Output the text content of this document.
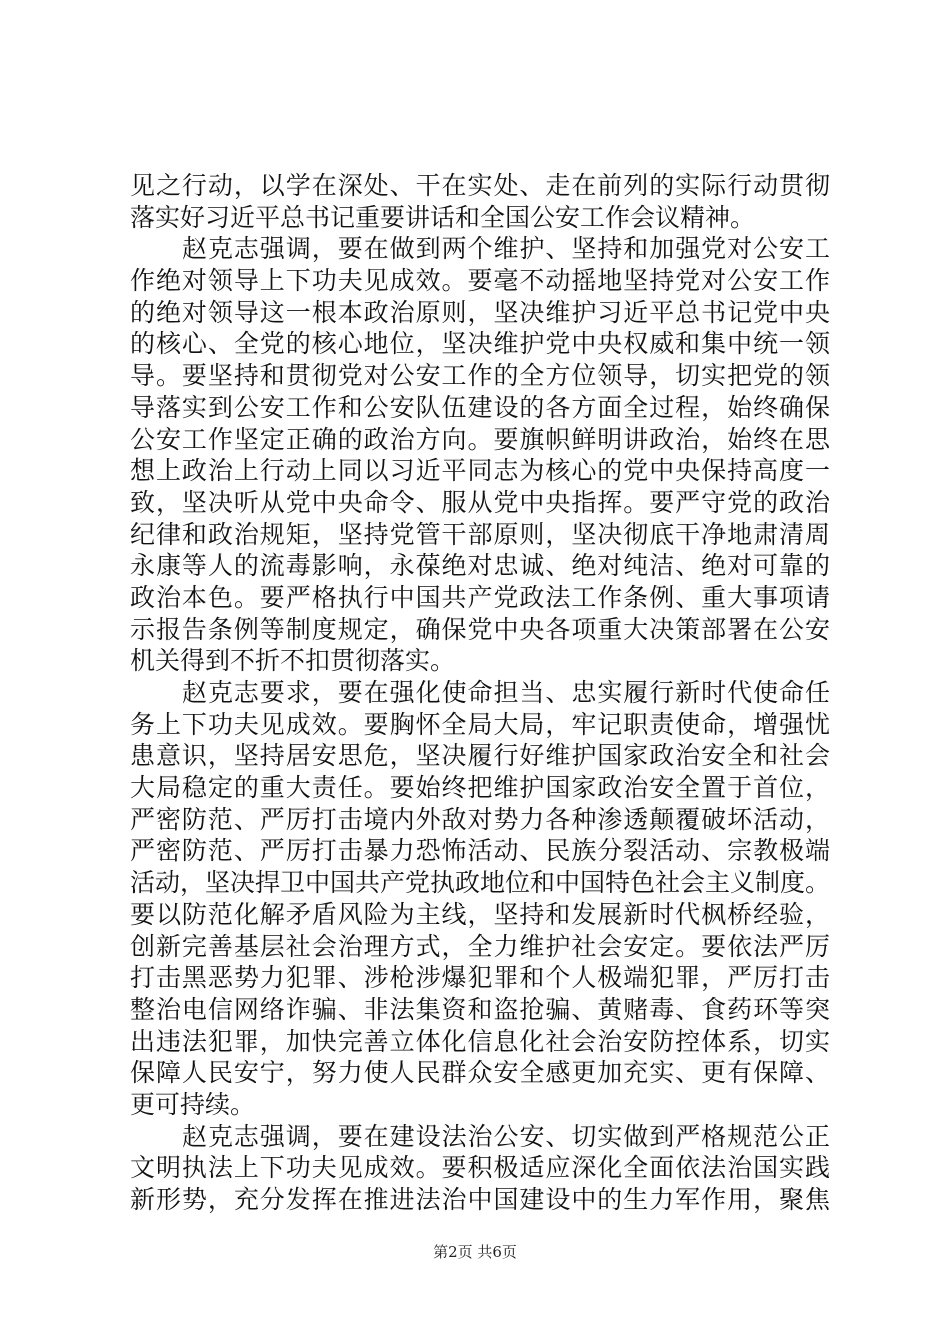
见之行动，以学在深处、干在实处、走在前列的实际行动贯彻
落实好习近平总书记重要讲话和全国公安工作会议精神。
赵克志强调，要在做到两个维护、坚持和加强党对公安工
作绝对领导上下功夫见成效。要毫不动摇地坚持党对公安工作
的绝对领导这一根本政治原则，坚决维护习近平总书记党中央
的核心、全党的核心地位，坚决维护党中央权威和集中统一领
导。要坚持和贯彻党对公安工作的全方位领导，切实把党的领
导落实到公安工作和公安队伍建设的各方面全过程，始终确保
公安工作坚定正确的政治方向。要旗帜鲜明讲政治，始终在思
想上政治上行动上同以习近平同志为核心的党中央保持高度一
致，坚决听从党中央命令、服从党中央指挥。要严守党的政治
纪律和政治规矩，坚持党管干部原则，坚决彻底干净地肃清周
永康等人的流毒影响，永葆绝对忠诚、绝对纯洁、绝对可靠的
政治本色。要严格执行中国共产党政法工作条例、重大事项请
示报告条例等制度规定，确保党中央各项重大决策部署在公安
机关得到不折不扣贯彻落实。
赵克志要求，要在强化使命担当、忠实履行新时代使命任
务上下功夫见成效。要胸怀全局大局，牢记职责使命，增强忧
患意识，坚持居安思危，坚决履行好维护国家政治安全和社会
大局稳定的重大责任。要始终把维护国家政治安全置于首位，
严密防范、严厉打击境内外敌对势力各种渗透颠覆破坏活动，
严密防范、严厉打击暴力恐怖活动、民族分裂活动、宗教极端
活动，坚决捍卫中国共产党执政地位和中国特色社会主义制度。
要以防范化解矛盾风险为主线，坚持和发展新时代枫桥经验，
创新完善基层社会治理方式，全力维护社会安定。要依法严厉
打击黑恶势力犯罪、涉枪涉爆犯罪和个人极端犯罪，严厉打击
整治电信网络诈骗、非法集资和盗抢骗、黄赌毒、食药环等突
出违法犯罪，加快完善立体化信息化社会治安防控体系，切实
保障人民安宁，努力使人民群众安全感更加充实、更有保障、
更可持续。
赵克志强调，要在建设法治公安、切实做到严格规范公正
文明执法上下功夫见成效。要积极适应深化全面依法治国实践
新形势，充分发挥在推进法治中国建设中的生力军作用，聚焦
第2页 共6页
